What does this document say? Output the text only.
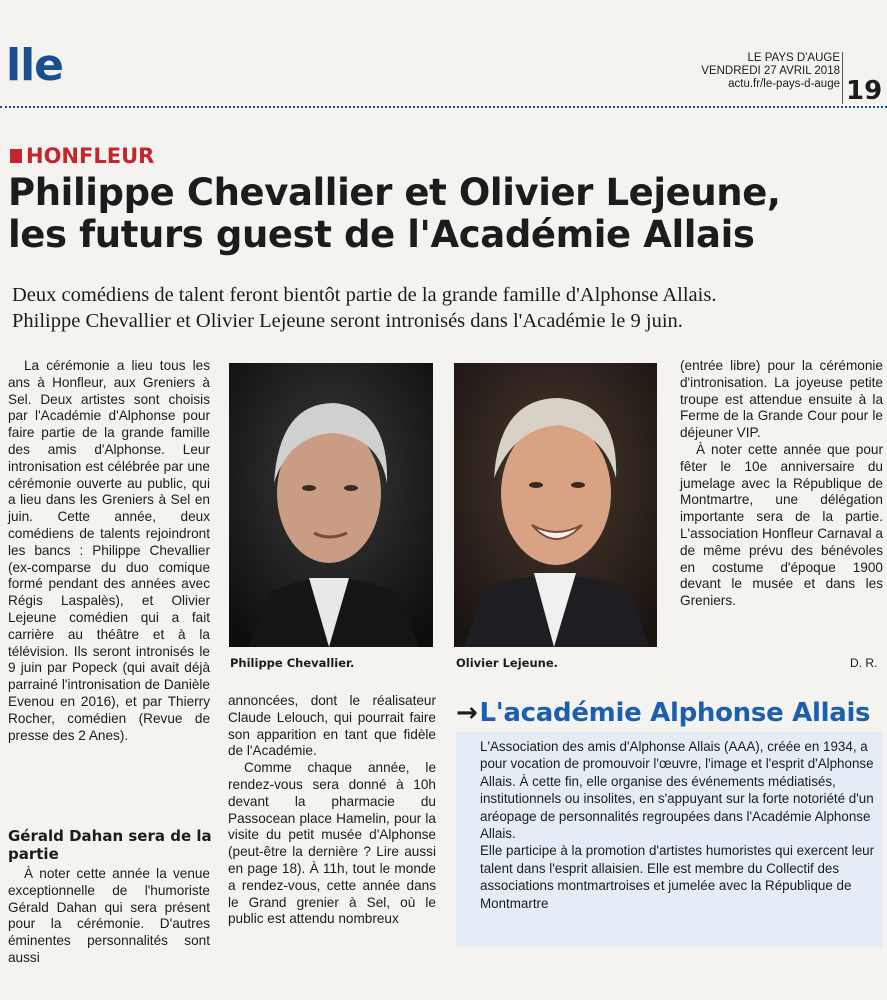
lle
	LE PAYS D'AUGE
VENDREDI 27 AVRIL 2018
actu.fr/le-pays-d-auge 19
HONFLEUR
Philippe Chevallier et Olivier Lejeune,
les futurs guest de l'Académie Allais
Deux comédiens de talent feront bientôt partie de la grande famille d'Alphonse Allais.
Philippe Chevallier et Olivier Lejeune seront intronisés dans l'Académie le 9 juin.

La cérémonie a lieu tous les ans à Honfleur, aux Greniers à Sel. Deux artistes sont choisis par l'Académie d'Alphonse pour faire partie de la grande famille des amis d'Alphonse. Leur intronisation est célébrée par une cérémonie ouverte au public, qui a lieu dans les Greniers à Sel en juin. Cette année, deux comédiens de talents rejoindront les bancs : Philippe Chevallier (ex-comparse du duo comique formé pendant des années avec Régis Laspalès), et Olivier Lejeune comédien qui a fait carrière au théâtre et à la télévision. Ils seront intronisés le 9 juin par Popeck (qui avait déjà parrainé l'intronisation de Danièle Evenou en 2016), et par Thierry Rocher, comédien (Revue de presse des 2 Anes).

Gérald Dahan sera de la partie

À noter cette année la venue exceptionnelle de l'humoriste Gérald Dahan qui sera présent pour la cérémonie. D'autres éminentes personnalités sont aussi

Philippe Chevallier.	Olivier Lejeune.	D. R.

annoncées, dont le réalisateur Claude Lelouch, qui pourrait faire son apparition en tant que fidèle de l'Académie.

Comme chaque année, le rendez-vous sera donné à 10h devant la pharmacie du Passocean place Hamelin, pour la visite du petit musée d'Alphonse (peut-être la dernière ? Lire aussi en page 18). À 11h, tout le monde a rendez-vous, cette année dans le Grand grenier à Sel, où le public est attendu nombreux

(entrée libre) pour la cérémonie d'intronisation. La joyeuse petite troupe est attendue ensuite à la Ferme de la Grande Cour pour le déjeuner VIP.

À noter cette année que pour fêter le 10e anniversaire du jumelage avec la République de Montmartre, une délégation importante sera de la partie. L'association Honfleur Carnaval a de même prévu des bénévoles en costume d'époque 1900 devant le musée et dans les Greniers.

→L'académie Alphonse Allais

L'Association des amis d'Alphonse Allais (AAA), créée en 1934, a pour vocation de promouvoir l'œuvre, l'image et l'esprit d'Alphonse Allais. À cette fin, elle organise des événements médiatisés, institutionnels ou insolites, en s'appuyant sur la forte notoriété d'un aréopage de personnalités regroupées dans l'Académie Alphonse Allais.

Elle participe à la promotion d'artistes humoristes qui exercent leur talent dans l'esprit allaisien. Elle est membre du Collectif des associations montmartroises et jumelée avec la République de Montmartre
